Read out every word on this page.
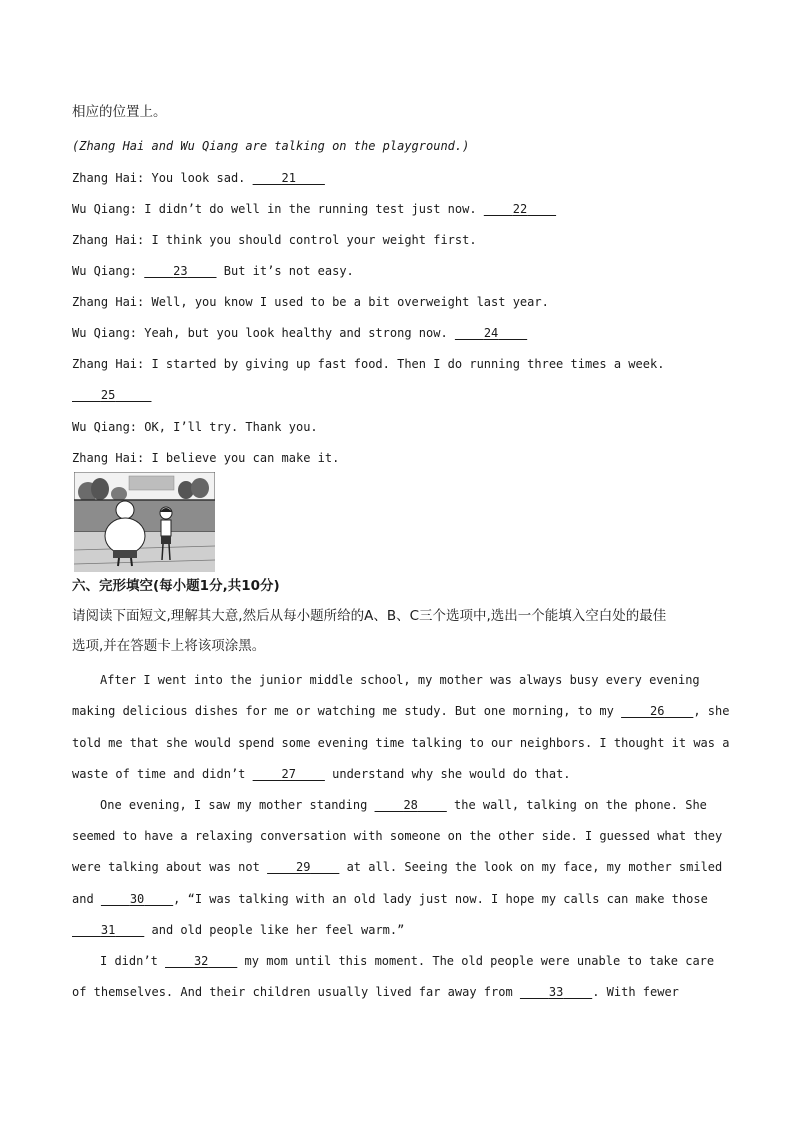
相应的位置上。
(Zhang Hai and Wu Qiang are talking on the playground.)
Zhang Hai: You look sad.     21
Wu Qiang: I didn’t do well in the running test just now.     22
Zhang Hai: I think you should control your weight first.
Wu Qiang:     23     But it’s not easy.
Zhang Hai: Well, you know I used to be a bit overweight last year.
Wu Qiang: Yeah, but you look healthy and strong now.     24
Zhang Hai: I started by giving up fast food. Then I do running three times a week.
25
Wu Qiang: OK, I’ll try. Thank you.
Zhang Hai: I believe you can make it.
六、完形填空(每小题1分,共10分)
请阅读下面短文,理解其大意,然后从每小题所给的A、B、C三个选项中,选出一个能填入空白处的最佳
选项,并在答题卡上将该项涂黑。
After I went into the junior middle school, my mother was always busy every evening
making delicious dishes for me or watching me study. But one morning, to my     26 , she
told me that she would spend some evening time talking to our neighbors. I thought it was a
waste of time and didn’t     27     understand why she would do that.
One evening, I saw my mother standing     28     the wall, talking on the phone. She
seemed to have a relaxing conversation with someone on the other side. I guessed what they
were talking about was not     29     at all. Seeing the look on my face, my mother smiled
and     30 , “I was talking with an old lady just now. I hope my calls can make those
31     and old people like her feel warm.”
I didn’t     32     my mom until this moment. The old people were unable to take care
of themselves. And their children usually lived far away from     33 . With fewer
